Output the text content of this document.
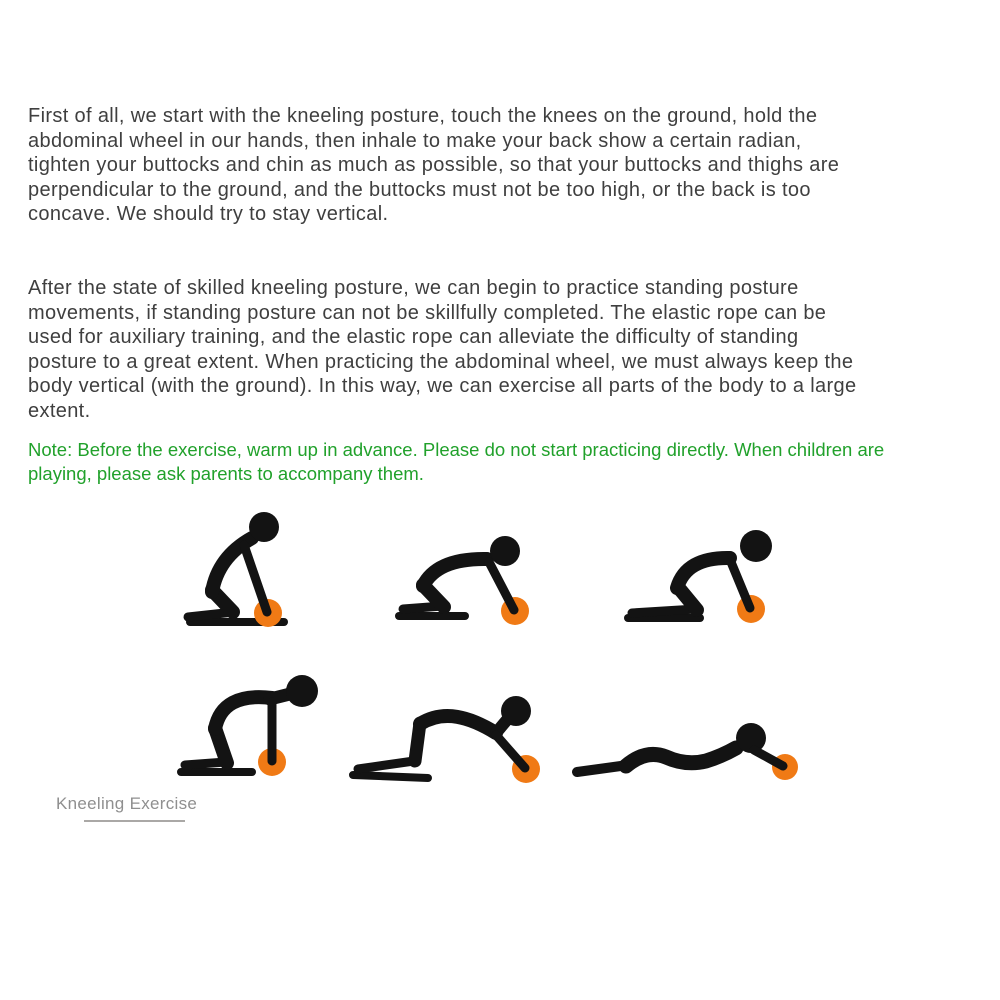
First of all, we start with the kneeling posture, touch the knees on the ground, hold the
abdominal wheel in our hands, then inhale to make your back show a certain radian,
tighten your buttocks and chin as much as possible, so that your buttocks and thighs are
perpendicular to the ground, and the buttocks must not be too high, or the back is too
concave. We should try to stay vertical.
After the state of skilled kneeling posture, we can begin to practice standing posture
movements, if standing posture can not be skillfully completed. The elastic rope can be
used for auxiliary training, and the elastic rope can alleviate the difficulty of standing
posture to a great extent. When practicing the abdominal wheel, we must always keep the
body vertical (with the ground). In this way, we can exercise all parts of the body to a large
extent.
Note: Before the exercise, warm up in advance. Please do not start practicing directly. When children are
playing, please ask parents to accompany them.
Kneeling Exercise
